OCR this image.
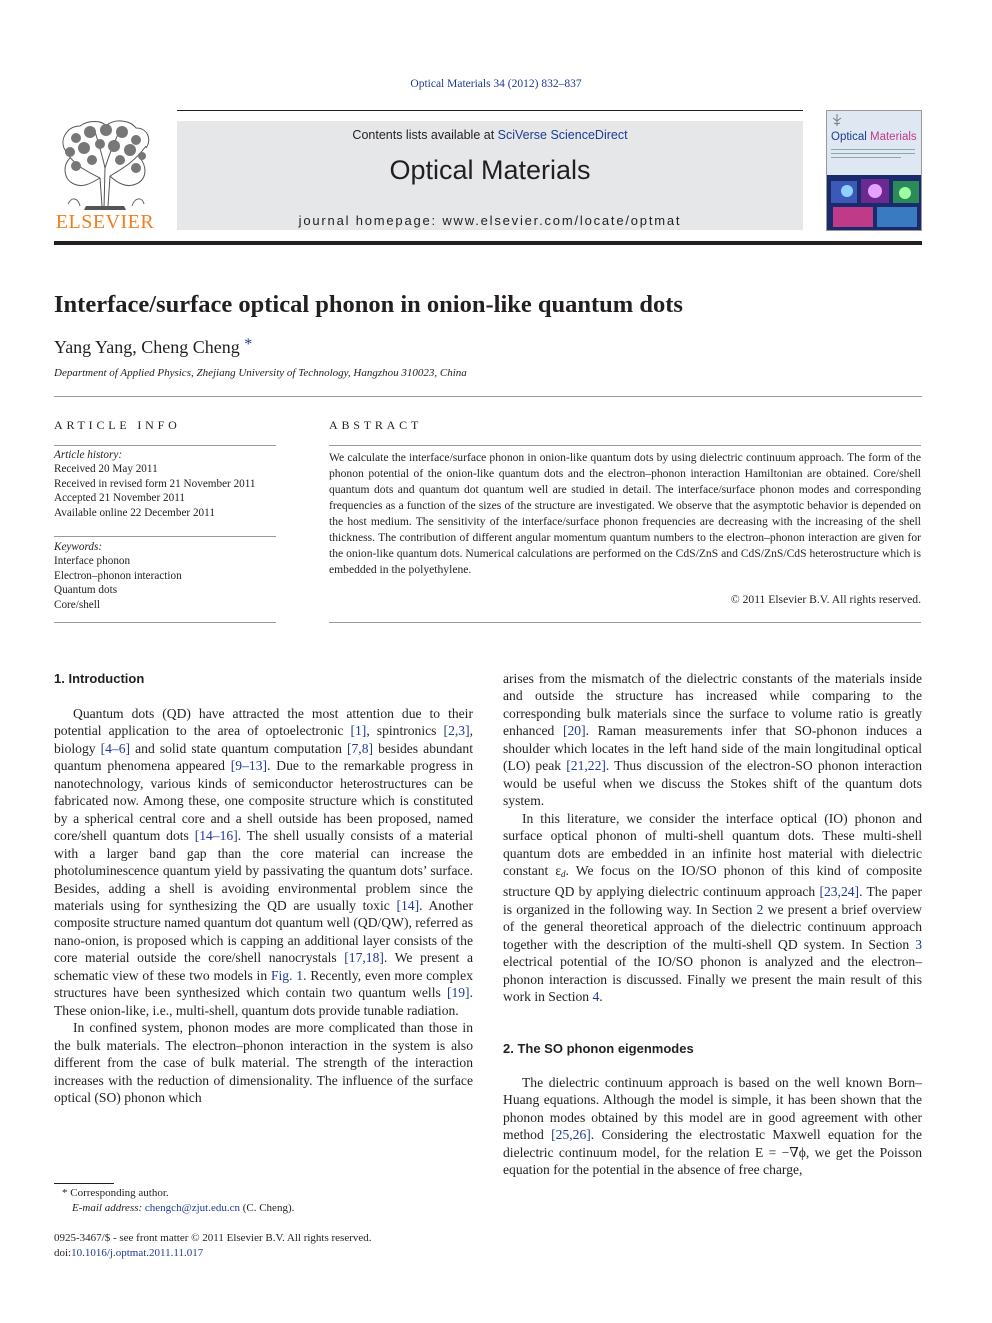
Optical Materials 34 (2012) 832–837
ELSEVIER
Contents lists available at SciVerse ScienceDirect
Optical Materials
journal homepage: www.elsevier.com/locate/optmat
Optical Materials
Interface/surface optical phonon in onion-like quantum dots
Yang Yang, Cheng Cheng *
Department of Applied Physics, Zhejiang University of Technology, Hangzhou 310023, China
ARTICLE INFO
Article history:
Received 20 May 2011
Received in revised form 21 November 2011
Accepted 21 November 2011
Available online 22 December 2011
Keywords:
Interface phonon
Electron–phonon interaction
Quantum dots
Core/shell
ABSTRACT
We calculate the interface/surface phonon in onion-like quantum dots by using dielectric continuum approach. The form of the phonon potential of the onion-like quantum dots and the electron–phonon interaction Hamiltonian are obtained. Core/shell quantum dots and quantum dot quantum well are studied in detail. The interface/surface phonon modes and corresponding frequencies as a function of the sizes of the structure are investigated. We observe that the asymptotic behavior is depended on the host medium. The sensitivity of the interface/surface phonon frequencies are decreasing with the increasing of the shell thickness. The contribution of different angular momentum quantum numbers to the electron–phonon interaction are given for the onion-like quantum dots. Numerical calculations are performed on the CdS/ZnS and CdS/ZnS/CdS heterostructure which is embedded in the polyethylene.
© 2011 Elsevier B.V. All rights reserved.
1. Introduction

Quantum dots (QD) have attracted the most attention due to their potential application to the area of optoelectronic [1], spintronics [2,3], biology [4–6] and solid state quantum computation [7,8] besides abundant quantum phenomena appeared [9–13]. Due to the remarkable progress in nanotechnology, various kinds of semiconductor heterostructures can be fabricated now. Among these, one composite structure which is constituted by a spherical central core and a shell outside has been proposed, named core/shell quantum dots [14–16]. The shell usually consists of a material with a larger band gap than the core material can increase the photoluminescence quantum yield by passivating the quantum dots’ surface. Besides, adding a shell is avoiding environmental problem since the materials using for synthesizing the QD are usually toxic [14]. Another composite structure named quantum dot quantum well (QD/QW), referred as nano-onion, is proposed which is capping an additional layer consists of the core material outside the core/shell nanocrystals [17,18]. We present a schematic view of these two models in Fig. 1. Recently, even more complex structures have been synthesized which contain two quantum wells [19]. These onion-like, i.e., multi-shell, quantum dots provide tunable radiation.

In confined system, phonon modes are more complicated than those in the bulk materials. The electron–phonon interaction in the system is also different from the case of bulk material. The strength of the interaction increases with the reduction of dimensionality. The influence of the surface optical (SO) phonon which

arises from the mismatch of the dielectric constants of the materials inside and outside the structure has increased while comparing to the corresponding bulk materials since the surface to volume ratio is greatly enhanced [20]. Raman measurements infer that SO-phonon induces a shoulder which locates in the left hand side of the main longitudinal optical (LO) peak [21,22]. Thus discussion of the electron-SO phonon interaction would be useful when we discuss the Stokes shift of the quantum dots system.

In this literature, we consider the interface optical (IO) phonon and surface optical phonon of multi-shell quantum dots. These multi-shell quantum dots are embedded in an infinite host material with dielectric constant $\varepsilon_d$. We focus on the IO/SO phonon of this kind of composite structure QD by applying dielectric continuum approach [23,24]. The paper is organized in the following way. In Section 2 we present a brief overview of the general theoretical approach of the dielectric continuum approach together with the description of the multi-shell QD system. In Section 3 electrical potential of the IO/SO phonon is analyzed and the electron–phonon interaction is discussed. Finally we present the main result of this work in Section 4.

2. The SO phonon eigenmodes

The dielectric continuum approach is based on the well known Born–Huang equations. Although the model is simple, it has been shown that the phonon modes obtained by this model are in good agreement with other method [25,26]. Considering the electrostatic Maxwell equation for the dielectric continuum model, for the relation E = −∇ϕ, we get the Poisson equation for the potential in the absence of free charge,

* Corresponding author.
E-mail address: chengch@zjut.edu.cn (C. Cheng).
0925-3467/$ - see front matter © 2011 Elsevier B.V. All rights reserved.
doi:10.1016/j.optmat.2011.11.017
